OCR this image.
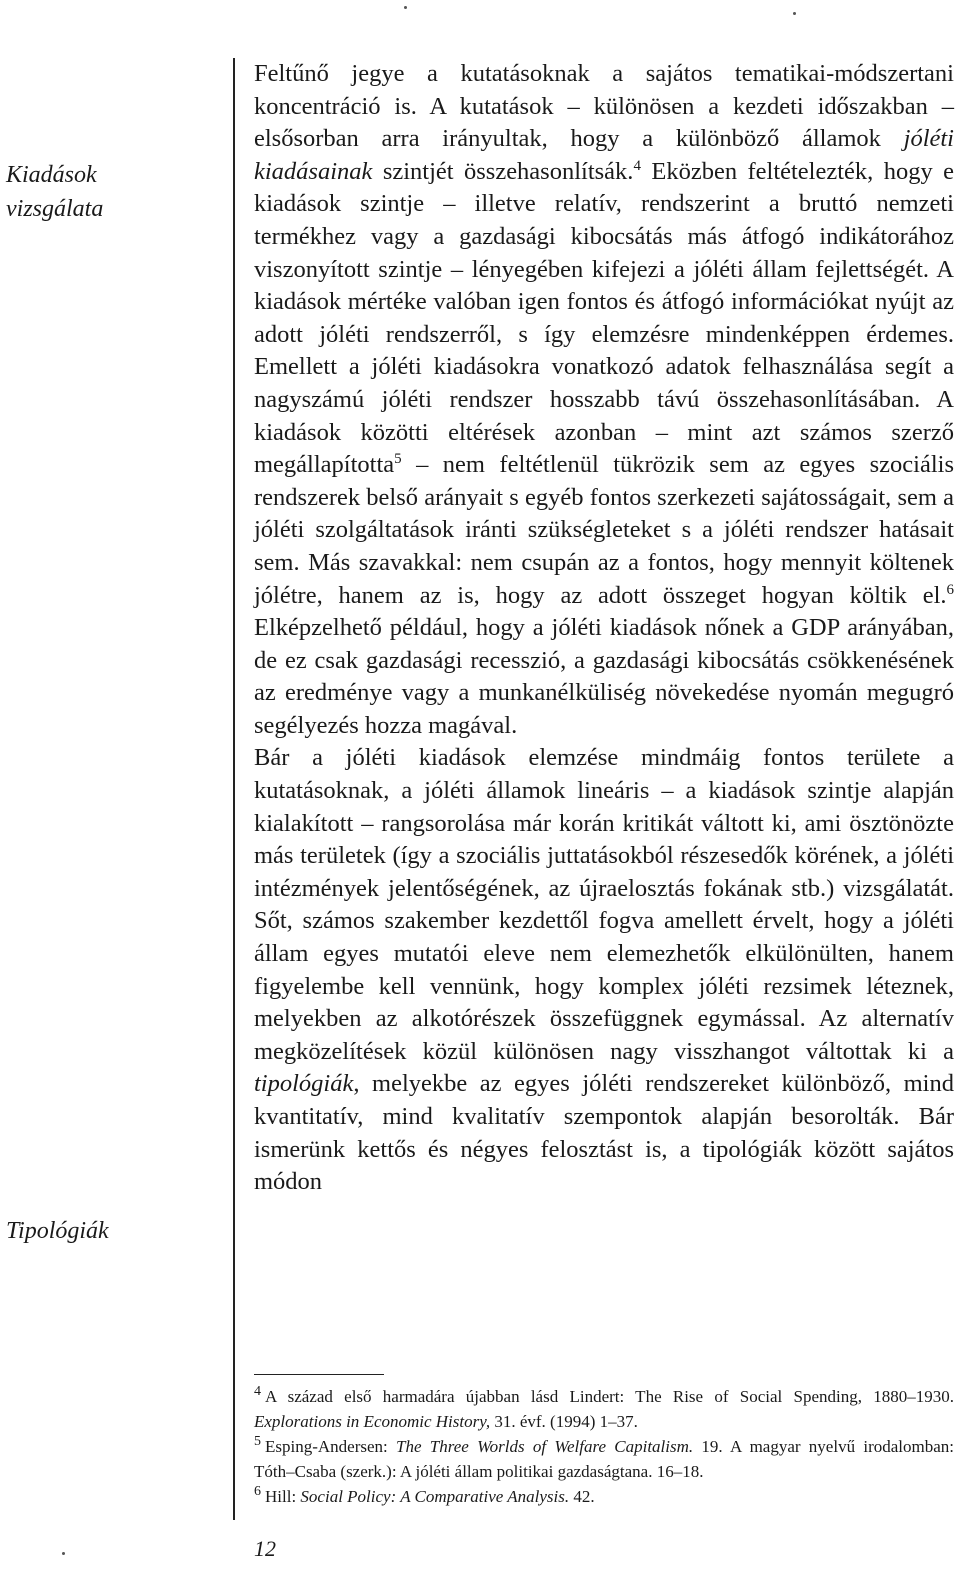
Kiadások
vizsgálata
Tipológiák

Feltűnő jegye a kutatásoknak a sajátos tematikai-módszertani koncentráció is. A kutatások – különösen a kezdeti időszakban – elsősorban arra irányultak, hogy a különböző államok jóléti kiadásainak szintjét összehasonlítsák.$^4$ Eközben feltételezték, hogy e kiadások szintje – illetve relatív, rendszerint a bruttó nemzeti termékhez vagy a gazdasági kibocsátás más átfogó indikátorához viszonyított szintje – lényegében kifejezi a jóléti állam fejlettségét. A kiadások mértéke valóban igen fontos és átfogó információkat nyújt az adott jóléti rendszerről, s így elemzésre mindenképpen érdemes. Emellett a jóléti kiadásokra vonatkozó adatok felhasználása segít a nagyszámú jóléti rendszer hosszabb távú összehasonlításában. A kiadások közötti eltérések azonban – mint azt számos szerző megállapította$^5$ – nem feltétlenül tükrözik sem az egyes szociális rendszerek belső arányait s egyéb fontos szerkezeti sajátosságait, sem a jóléti szolgáltatások iránti szükségleteket s a jóléti rendszer hatásait sem. Más szavakkal: nem csupán az a fontos, hogy mennyit költenek jólétre, hanem az is, hogy az adott összeget hogyan költik el.$^6$ Elképzelhető például, hogy a jóléti kiadások nőnek a GDP arányában, de ez csak gazdasági recesszió, a gazdasági kibocsátás csökkenésének az eredménye vagy a munkanélküliség növekedése nyomán megugró segélyezés hozza magával.

Bár a jóléti kiadások elemzése mindmáig fontos területe a kutatásoknak, a jóléti államok lineáris – a kiadások szintje alapján kialakított – rangsorolása már korán kritikát váltott ki, ami ösztönözte más területek (így a szociális juttatásokból részesedők körének, a jóléti intézmények jelentőségének, az újraelosztás fokának stb.) vizsgálatát. Sőt, számos szakember kezdettől fogva amellett érvelt, hogy a jóléti állam egyes mutatói eleve nem elemezhetők elkülönülten, hanem figyelembe kell vennünk, hogy komplex jóléti rezsimek léteznek, melyekben az alkotórészek összefüggnek egymással. Az alternatív megközelítések közül különösen nagy visszhangot váltottak ki a tipológiák, melyekbe az egyes jóléti rendszereket különböző, mind kvantitatív, mind kvalitatív szempontok alapján besorolták. Bár ismerünk kettős és négyes felosztást is, a tipológiák között sajátos módon

$^4$ A század első harmadára újabban lásd Lindert: The Rise of Social Spending, 1880–1930. Explorations in Economic History, 31. évf. (1994) 1–37.

$^5$ Esping-Andersen: The Three Worlds of Welfare Capitalism. 19. A magyar nyelvű irodalomban: Tóth–Csaba (szerk.): A jóléti állam politikai gazdaságtana. 16–18.

$^6$ Hill: Social Policy: A Comparative Analysis. 42.

12
